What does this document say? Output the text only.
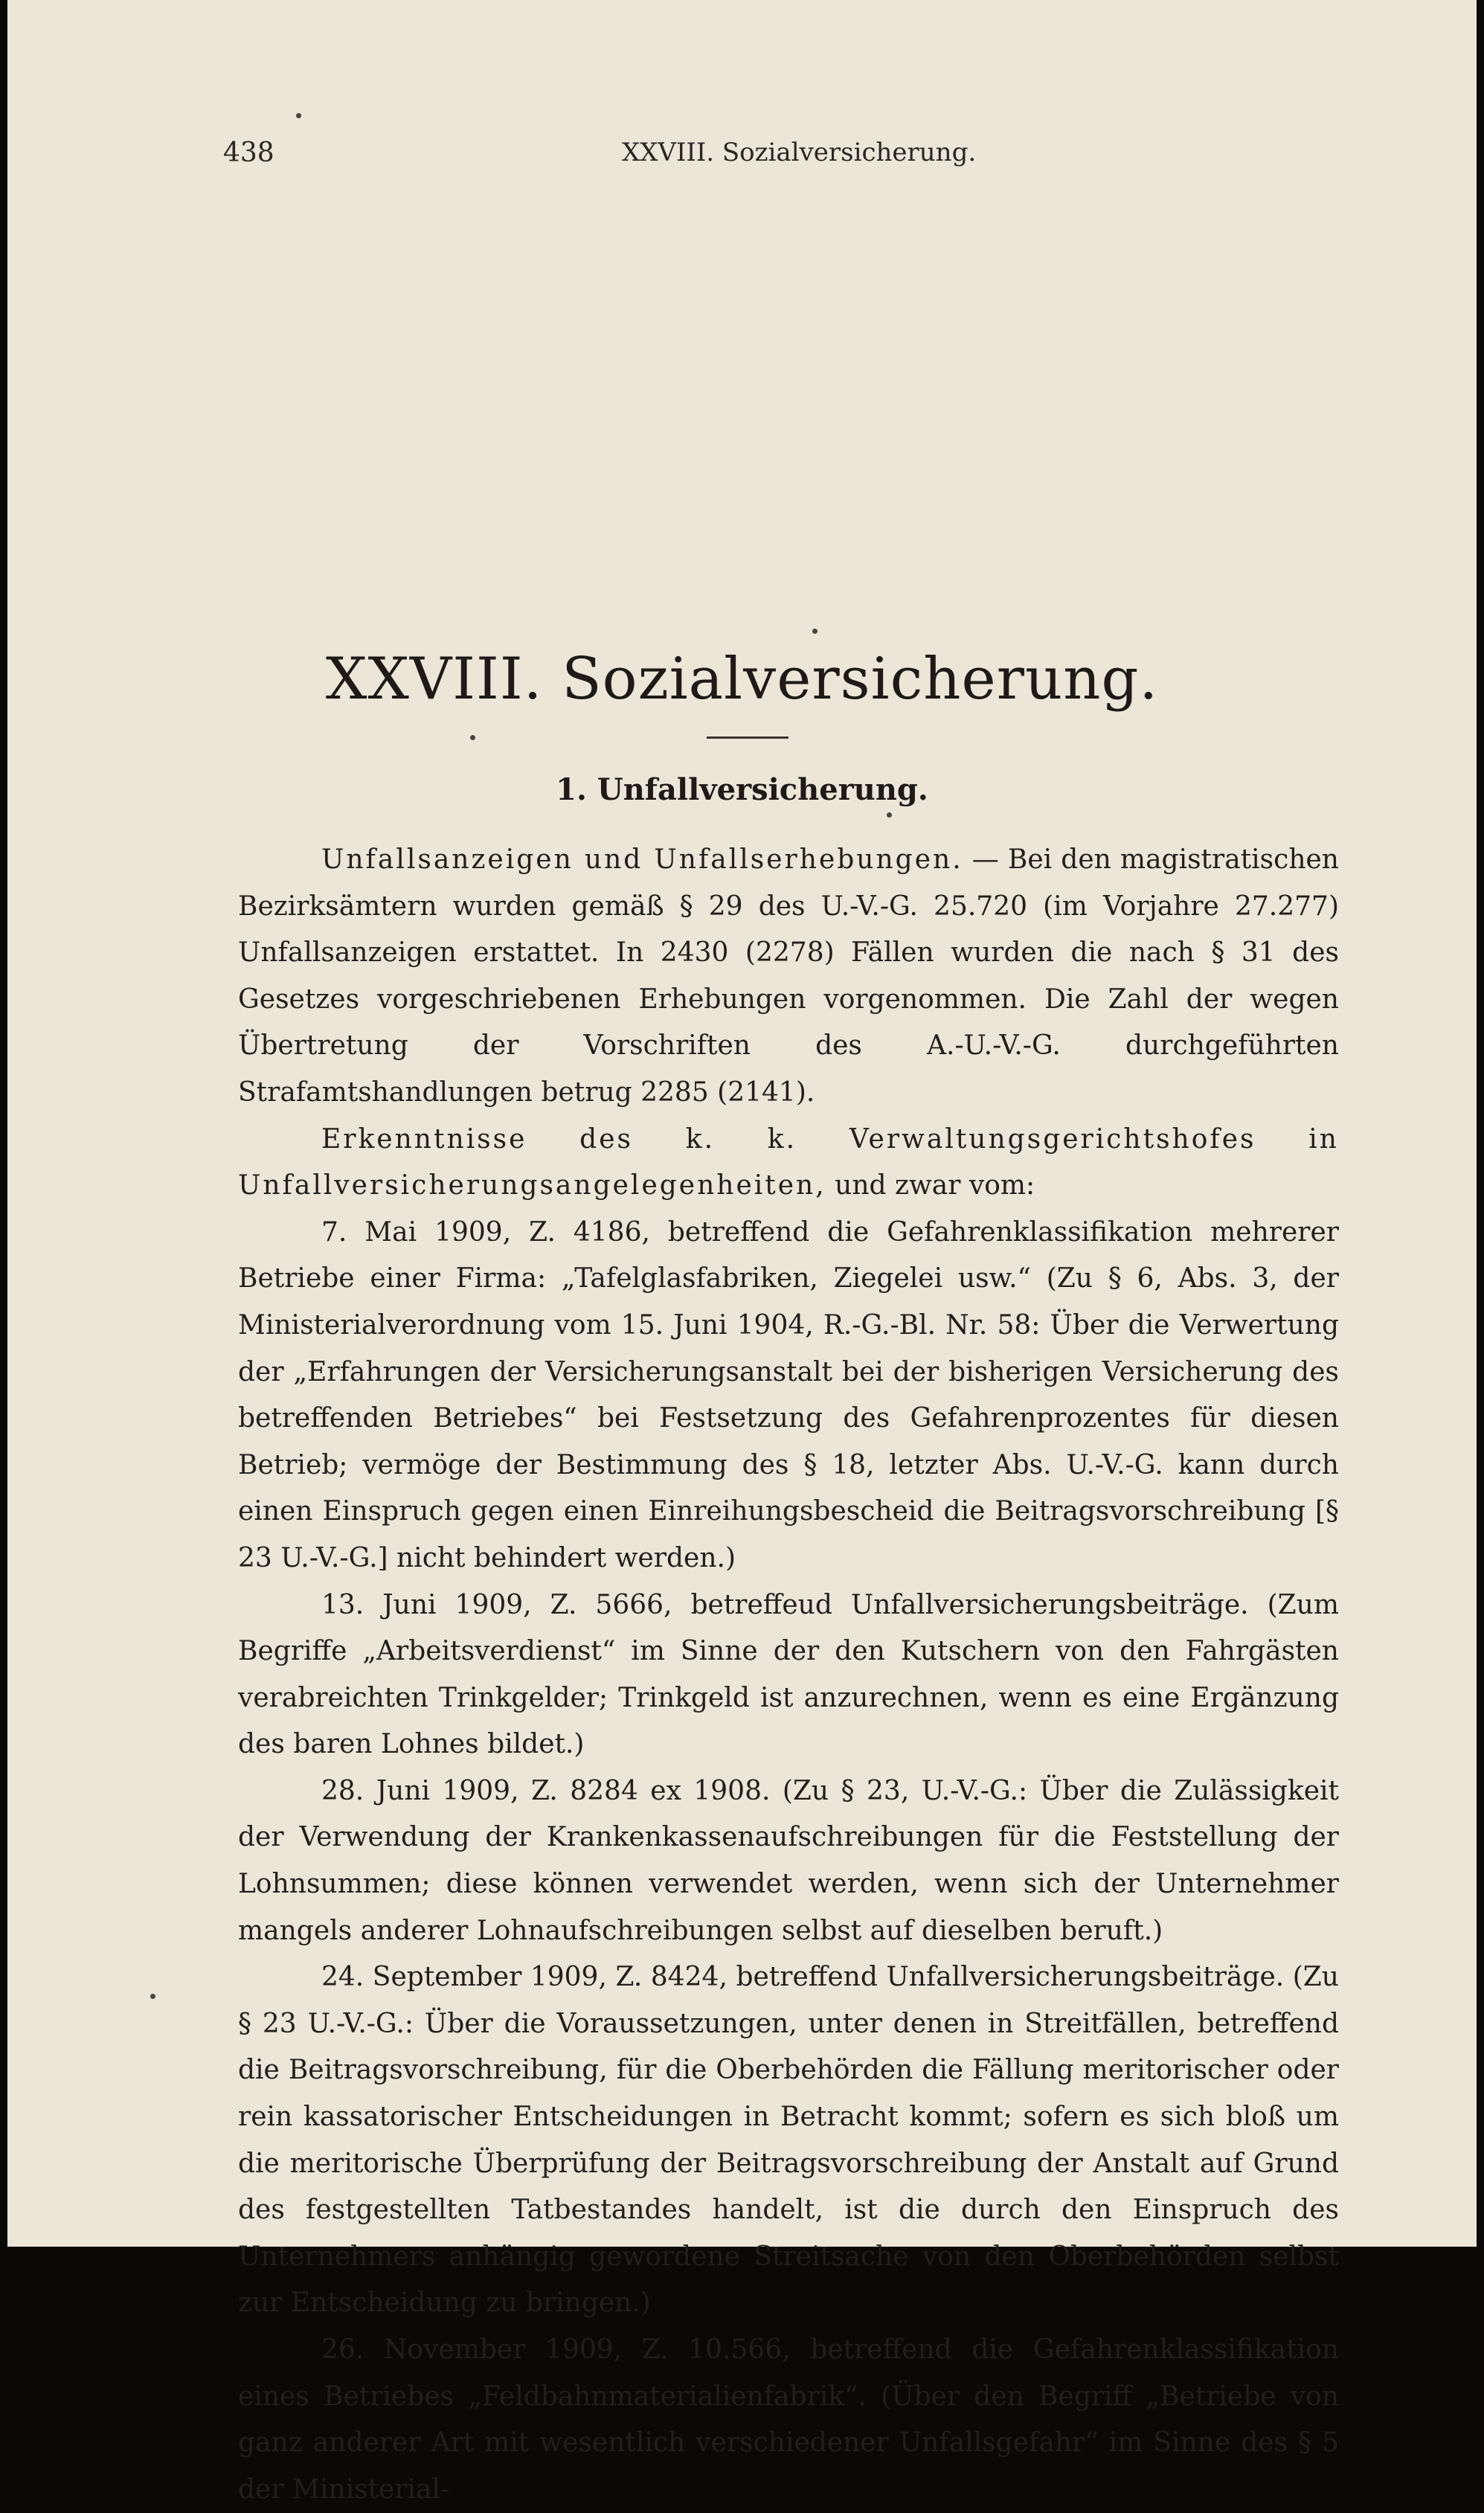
438	XXVIII. Sozialversicherung.
XXVIII. Sozialversicherung.
1. Unfallversicherung.

Unfallsanzeigen und Unfallserhebungen. — Bei den magistratischen Bezirksämtern wurden gemäß § 29 des U.-V.-G. 25.720 (im Vorjahre 27.277) Unfallsanzeigen erstattet. In 2430 (2278) Fällen wurden die nach § 31 des Gesetzes vorgeschriebenen Erhebungen vorgenommen. Die Zahl der wegen Übertretung der Vorschriften des A.-U.-V.-G. durchgeführten Strafamtshandlungen betrug 2285 (2141).

Erkenntnisse des k. k. Verwaltungsgerichtshofes in Unfallversicherungsangelegenheiten, und zwar vom:

7. Mai 1909, Z. 4186, betreffend die Gefahrenklassifikation mehrerer Betriebe einer Firma: „Tafelglasfabriken, Ziegelei usw.“ (Zu § 6, Abs. 3, der Ministerialverordnung vom 15. Juni 1904, R.-G.-Bl. Nr. 58: Über die Verwertung der „Erfahrungen der Versicherungsanstalt bei der bisherigen Versicherung des betreffenden Betriebes“ bei Festsetzung des Gefahrenprozentes für diesen Betrieb; vermöge der Bestimmung des § 18, letzter Abs. U.-V.-G. kann durch einen Einspruch gegen einen Einreihungsbescheid die Beitragsvorschreibung [§ 23 U.-V.-G.] nicht behindert werden.)

13. Juni 1909, Z. 5666, betreffeud Unfallversicherungsbeiträge. (Zum Begriffe „Arbeitsverdienst“ im Sinne der den Kutschern von den Fahrgästen verabreichten Trinkgelder; Trinkgeld ist anzurechnen, wenn es eine Ergänzung des baren Lohnes bildet.)

28. Juni 1909, Z. 8284 ex 1908. (Zu § 23, U.-V.-G.: Über die Zulässigkeit der Verwendung der Krankenkassenaufschreibungen für die Feststellung der Lohnsummen; diese können verwendet werden, wenn sich der Unternehmer mangels anderer Lohnaufschreibungen selbst auf dieselben beruft.)

24. September 1909, Z. 8424, betreffend Unfallversicherungsbeiträge. (Zu § 23 U.-V.-G.: Über die Voraussetzungen, unter denen in Streitfällen, betreffend die Beitragsvorschreibung, für die Oberbehörden die Fällung meritorischer oder rein kassatorischer Entscheidungen in Betracht kommt; sofern es sich bloß um die meritorische Überprüfung der Beitragsvorschreibung der Anstalt auf Grund des festgestellten Tatbestandes handelt, ist die durch den Einspruch des Unternehmers anhängig gewordene Streitsache von den Oberbehörden selbst zur Entscheidung zu bringen.)

26. November 1909, Z. 10.566, betreffend die Gefahrenklassifikation eines Betriebes „Feldbahnmaterialienfabrik“. (Über den Begriff „Betriebe von ganz anderer Art mit wesentlich verschiedener Unfallsgefahr“ im Sinne des § 5 der Ministerial-
